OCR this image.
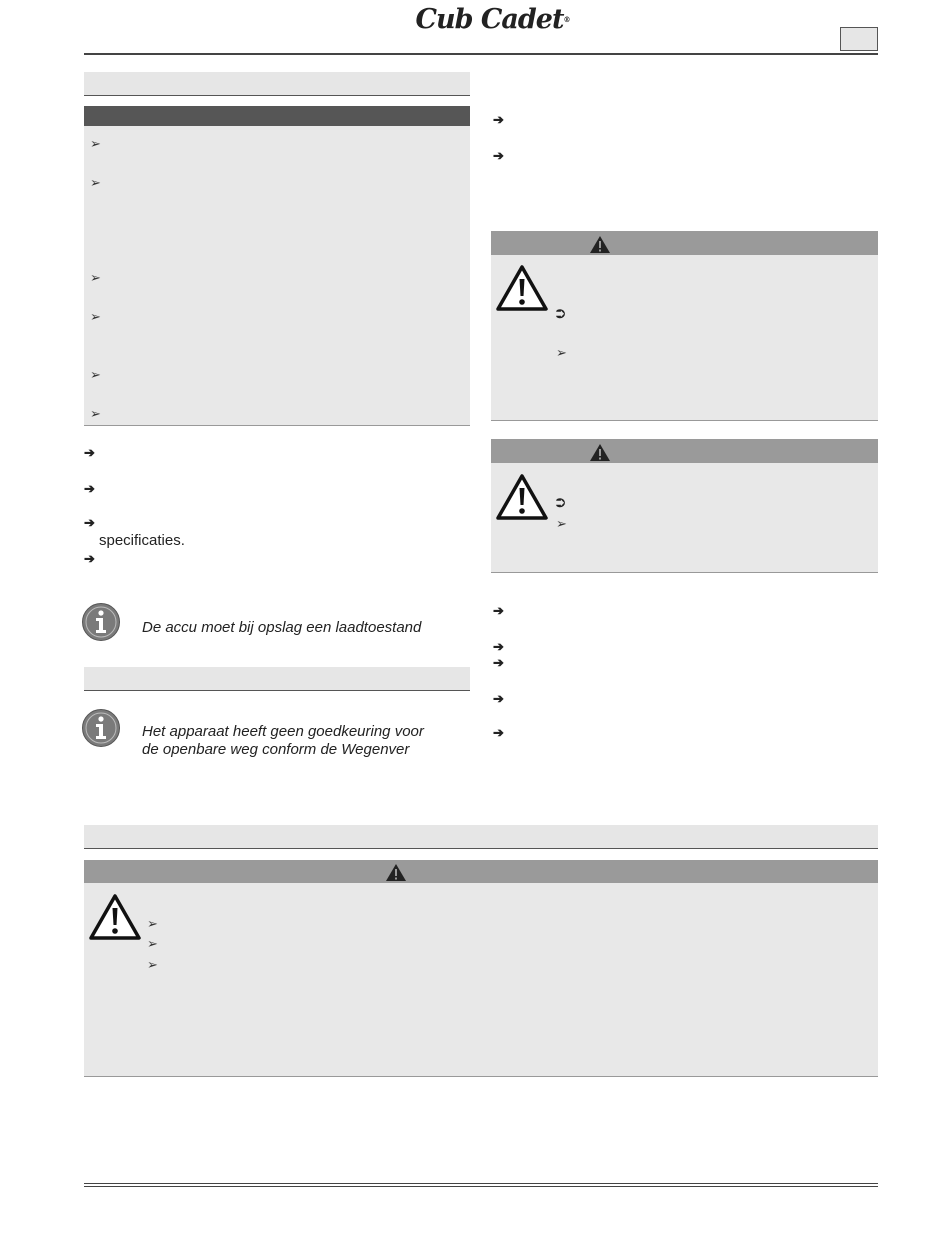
Cub Cadet®
➢
➢
➢
➢
➢
➢
➔
➔
➔
specificaties.
➔
De accu moet bij opslag een laadtoestand
Het apparaat heeft geen goedkeuring voor
de openbare weg conform de Wegenver
➔
➔
⮊
➢
⮊
➢
➔
➔
➔
➔
➔
➢
➢
➢
